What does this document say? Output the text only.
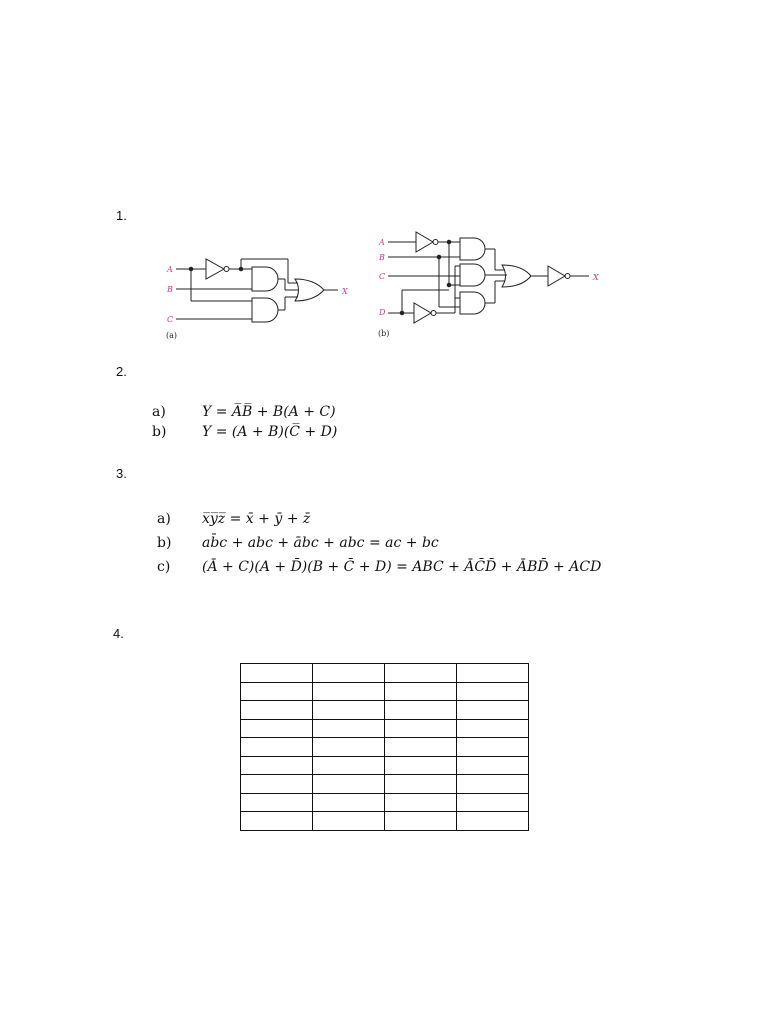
1.
2.
3.
4.
A
B
C
X
(a)
A
B
C
D
X
(b)
a)
b)
Y = A̅B̅ + B(A + C)
Y = (A + B)(C̅ + D)
a)
b)
c)
x̅y̅z̅ = x̄ + ȳ + z̄
ab̄c + abc + ābc + abc = ac + bc
(Ā + C)(A + D̄)(B + C̄ + D) = ABC + ĀC̄D̄ + ĀBD̄ + ACD
